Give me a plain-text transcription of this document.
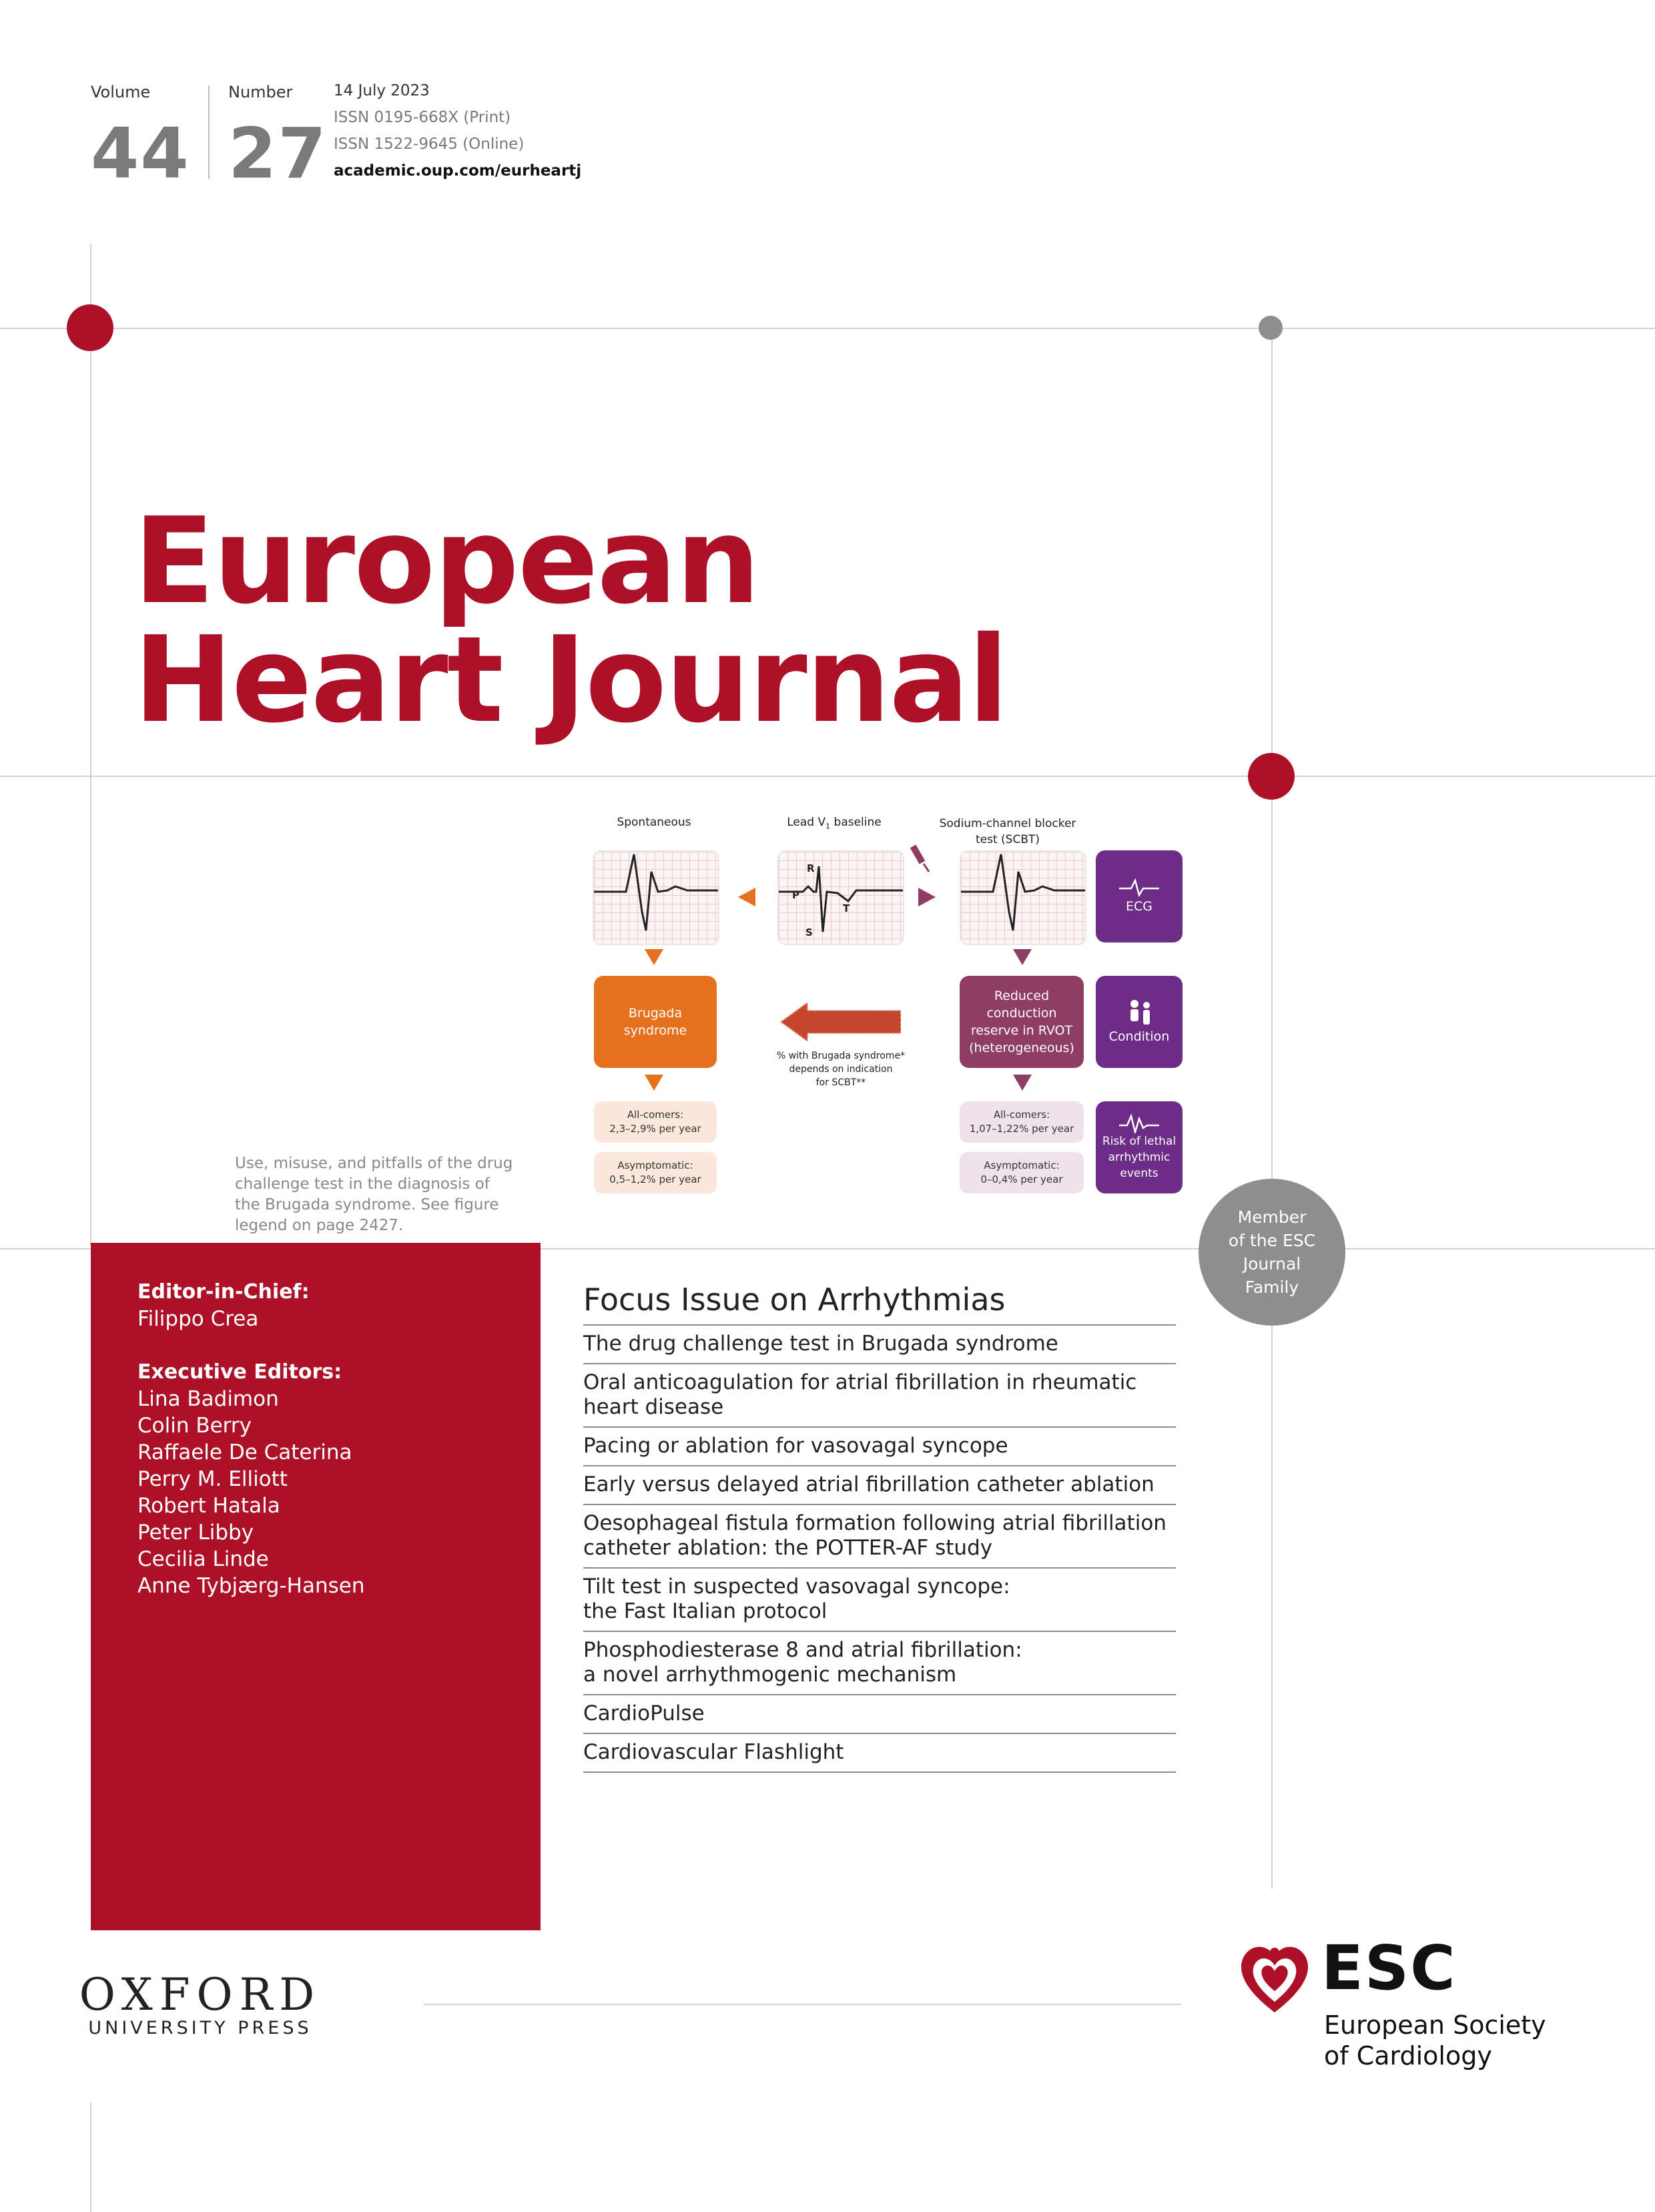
Volume
44
Number
27
14 July 2023
ISSN 0195-668X (Print)
ISSN 1522-9645 (Online)
academic.oup.com/eurheartj
European
Heart Journal
Spontaneous	Lead $V_1$ baseline	Sodium-channel blocker
test (SCBT)
R
P
T
S
ECG
Condition
Risk of lethal
arrhythmic
events
Brugada
syndrome
Reduced
conduction
reserve in RVOT
(heterogeneous)
% with Brugada syndrome*
depends on indication
for SCBT**
All-comers:
2,3–2,9% per year
Asymptomatic:
0,5–1,2% per year
All-comers:
1,07–1,22% per year
Asymptomatic:
0–0,4% per year
Use, misuse, and pitfalls of the drug
challenge test in the diagnosis of
the Brugada syndrome. See figure
legend on page 2427.	Member
of the ESC
Journal
Family
Editor-in-Chief:
Filippo Crea
Executive Editors:
Lina Badimon
Colin Berry
Raffaele De Caterina
Perry M. Elliott
Robert Hatala
Peter Libby
Cecilia Linde
Anne Tybjærg-Hansen
Focus Issue on Arrhythmias
The drug challenge test in Brugada syndrome
Oral anticoagulation for atrial fibrillation in rheumatic
heart disease
Pacing or ablation for vasovagal syncope
Early versus delayed atrial fibrillation catheter ablation
Oesophageal fistula formation following atrial fibrillation
catheter ablation: the POTTER-AF study
Tilt test in suspected vasovagal syncope:
the Fast Italian protocol
Phosphodiesterase 8 and atrial fibrillation:
a novel arrhythmogenic mechanism
CardioPulse
Cardiovascular Flashlight
OXFORD
UNIVERSITY PRESS
ESC
European Society
of Cardiology
